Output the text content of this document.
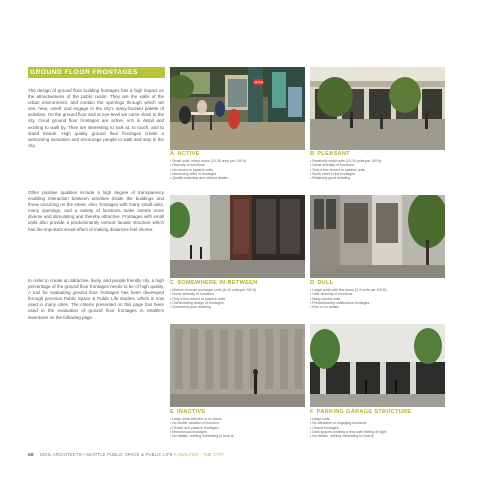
GROUND FLOOR FRONTAGES

The design of ground floor building frontages has a high impact on the attractiveness of the public realm. They are the walls of the urban environment, and contain the openings through which we see, hear, smell, and engage in the city's many-faceted palette of activities. On the ground floor and at eye-level we come close to the city. Good ground floor frontages are active, rich in detail and exciting to walk by. They are interesting to look at, to touch, and to stand beside. High quality ground floor frontages create a welcoming sensation and encourage people to walk and stay in the city.

Other positive qualities include a high degree of transparency enabling interaction between activities inside the buildings and those occurring on the street. Also, frontages with many small units, many openings, and a variety of functions make streets more diverse and stimulating and thereby attractive. Frontages with small units also provide a predominantly vertical facade structure which has the important visual effect of making distances feel shorter.

In order to create an attractive, lively, and people friendly city, a high percentage of the ground floor frontages needs to be of high quality. A tool for evaluating ground floor frontages has been developed through previous Public Space & Public Life studies, which is now used in many cities. The criteria presented on this page has been used in the evaluation of ground floor frontages in Seattle's downtown on the following page.

OPEN
A ACTIVE
• Small units, many doors (15-25 units per 100 ft)
• Diversity of functions
• No closed or passive units
• Interesting relief in frontages
• Quality materials and refined details
B PLEASANT
• Relatively small units (10-14 units per 100 ft)
• Some diversity of functions
• Only a few closed or passive units
• Some relief in the frontages
• Relatively good detailing
C SOMEWHERE IN-BETWEEN
• Mixture of small and larger units (6-10 units per 100 ft)
• Some diversity of functions
• Only a few closed or passive units
• Uninteresting design of frontages
• Somewhat poor detailing
D DULL
• Larger units with few doors (2-5 units per 100 ft)
• Little diversity of functions
• Many closed units
• Predominantly unattractive frontages
• Few or no details
E INACTIVE
• Large units with few or no doors
• No visible variation of function
• Closed and passive frontages
• Monotonous frontages
• No details, nothing interesting to look at
F PARKING GARAGE STRUCTURE
• Large units
• No attractive or engaging functions
• Closed frontages
• Dark spaces creating a less safe feeling at night
• No details, nothing interesting to look at
58 GEHL ARCHITECTS • SEATTLE PUBLIC SPACE & PUBLIC LIFE • ANALYSIS - THE CITY
